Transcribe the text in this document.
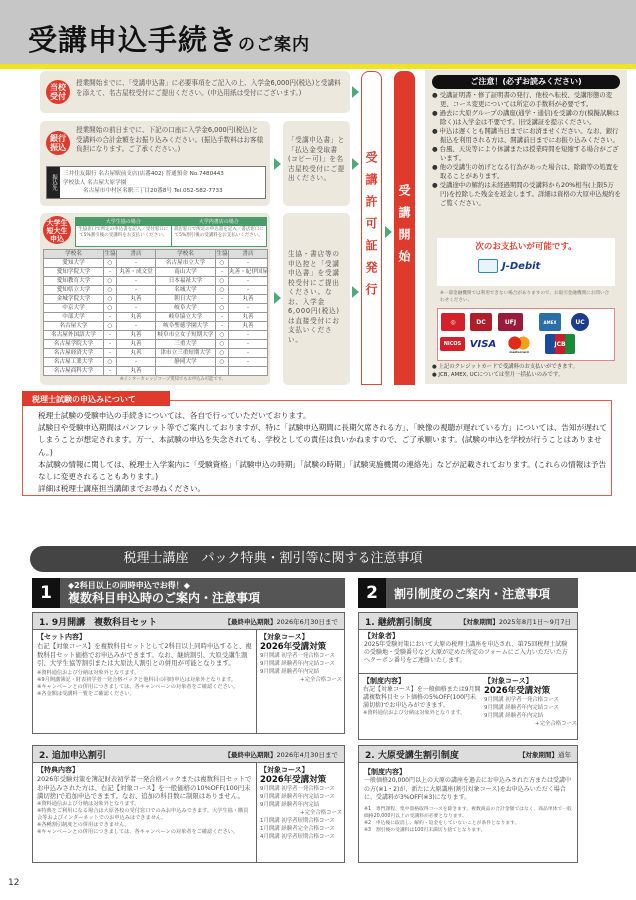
受講申込手続きのご案内
当校
受付
授業開始までに、「受講申込書」に必要事項をご記入の上、入学金6,000円(税込)と受講料を添えて、名古屋校受付にご提出ください。(申込用紙は受付にございます。)
銀行
振込
授業開始の前日までに、下記の口座に入学金6,000円(税込)と受講料の合計金額をお振り込みください。(振込手数料はお客様負担になります。ご了承ください。)
振込先
三井住友銀行 名古屋駅前支店(店番402) 普通預金 No.7480443
学校法人 名古屋大原学園
名古屋市中村区名駅三丁目20番8号 Tel.052-582-7733
「受講申込書」と「払込金受取書(コピー可)」を名古屋校受付にご提出ください。
大学生
短大生
申込
大学生協の場合
生協窓口で所定の申込書を記入／受付窓口にて5%割引後の受講料をお支払いください。
大学内書店の場合
書店窓口で所定の申込書を記入／書店窓口にて5%割引後の受講料をお支払いください。
学校名	生協	書店	学校名	生協	書店
愛知大学	○	-	名古屋市立大学	○	-
愛知学院大学	-	丸善・成文堂	南山大学	-	丸善・紀伊国屋
愛知教育大学	○	-	日本福祉大学	○	-
愛知県立大学	○	-	名城大学	○	-
金城学院大学	○	丸善	朝日大学	-	丸善
中京大学	○	-	岐阜大学	○	-
中部大学	-	丸善	岐阜協立大学	-	丸善
名古屋大学	○	-	岐阜聖徳学園大学	-	丸善
名古屋外国語大学	-	丸善	岐阜市立女子短期大学	○	-
名古屋学院大学	-	丸善	三重大学	○	-
名古屋経済大学	-	丸善	津市立三重短期大学	○	-
名古屋工業大学	○	-	静岡大学	○	-
名古屋商科大学	-	丸善			
※インターカレッジコープ愛知でもお申込み可能です。
生協・書店等の申込控と「受講申込書」を受講校受付にご提出ください。なお、入学金6,000円(税込)は直接受付にお支払いください。
受講許可証発行	受講開始
ご注意！(必ずお読みください)
● 受講証明書・修了証明書の発行、他校へ転校、受講形態の変更、コース変更については所定の手数料が必要です。
● 過去に大原グループの講座(通学・通信)を受講の方(模擬試験は除く)は入学金は不要です。旧受講証を提示ください。
● 申込は遅くとも開講当日までにお済ませください。なお、銀行振込を利用される方は、開講前日までにお振り込みください。
● 台風、天災等により休講または授業時間を短縮する場合がございます。
● 他の受講生の妨げとなる行為があった場合は、除籍等の処置を取ることがあります。
● 受講途中の解約は未経過期間の受講料から20%相当(上限5万円)を控除した残金を返金します。詳細は資格の大原申込規約をご覧ください。
次のお支払いが可能です。
J-Debit
※一部金融機関では利用できない場合がありますので、お取引金融機関にお問い合わせください。
◎	DC	UFJ	AMEX	UC
NICOS VISA
mastercard
JCB
● 上記のクレジットカードで受講料のお支払いができます。
● JCB, AMEX, UCについては翌月一括払いのみです。
税理士試験の申込みについて

税理士試験の受験申込の手続きについては、各自で行っていただいております。

試験日や受験申込期間はパンフレット等でご案内しておりますが、特に「試験申込期間に長期欠席される方」、「映像の視聴が遅れている方」については、告知が遅れてしまうことが想定されます。万一、本試験の申込を失念されても、学校としての責任は負いかねますので、ご了承願います。(試験の申込を学校が行うことはありません。)

本試験の情報に関しては、税理士入学案内に「受験資格」「試験申込の時期」「試験の時期」「試験実施機関の連絡先」などが記載されております。(これらの情報は予告なしに変更されることもあります。)

詳細は税理士講座担当講師までお尋ねください。

税理士講座　パック特典・割引等に関する注意事項
1	◆2科目以上の同時申込でお得！◆
複数科目申込時のご案内・注意事項
1. 9月開講　複数科目セット	【最終申込期限】2026年6月30日まで
【セット内容】
右記【対象コース】を複数科目セットとして2科目以上同時申込すると、複数科目セット価格でお申込みができます。なお、継続割引、大原受講生割引、大学生協等割引または大原法人割引との併用が可能となります。
※資料通信および分納は対象外となります。
※9月開講簿記・財表初学者一発合格パックと他科目の同時申込は対象外となります。
※キャンペーンとの併用につきましては、各キャンペーンの対象者をご確認ください。
※各金額は受講料一覧をご確認ください。
【対象コース】
2026年受講対策
9月開講 初学者一発合格コース
9月開講 経験者年内完結コース
9月開講 経験者年内完結
+完全合格コース
2. 追加申込割引	【最終申込期限】2026年4月30日まで
【特典内容】
2026年受験対策を簿記財表初学者一発合格パックまたは複数科目セットでお申込みされた方は、右記【対象コース】を一般価格の10%OFF(100円未満切捨)で追加申込できます。なお、追加の科目数に制限はありません。
※資料通信および分納は対象外となります。
※特典をご利用になる場合は大原各校の受付窓口でのみお申込みできます。大学生協・購買会等およびインターネットでのお申込みはできません。
※各種割引制度との併用はできません。
※キャンペーンとの併用につきましては、各キャンペーンの対象者をご確認ください。
【対象コース】
2026年受講対策
9月開講 初学者一発合格コース
9月開講 経験者年内完結コース
9月開講 経験者年内完結
+完全合格コース
1月開講 初学者短期合格コース
1月開講 経験者完全合格コース
4月開講 初学者短期合格コース
2	割引制度のご案内・注意事項
1. 継続割引制度	【対象期間】2025年8月1日～9月7日
【対象者】
2025年受験対策において大原の税理士講座を申込され、第75回税理士試験の受験地・受験番号など大原が定めた所定のフォームにご入力いただいた方へクーポン番号をご連絡いたします。
【制度内容】
右記【対象コース】を一般価格または9月開講複数科目セット価格の5%OFF(100円未満切捨)でお申込みができます。
※資料通信および分納は対象外となります。
【対象コース】
2026年受講対策
9月開講 初学者一発合格コース
9月開講 経験者年内完結コース
9月開講 経験者年内完結
+完全合格コース
2. 大原受講生割引制度	【対象期間】通年
【制度内容】
一般価格20,000円以上の大原の講座を過去にお申込みされた方または受講中の方(※1・2)が、新たに大原講座(割引対象コース)をお申込みいただく場合に、受講料が3%OFF(※3)になります。
※1　専門課程、集中資格取得コースを除きます。複数商品の合計金額ではなく、商品単体で一般価格20,000円以上の受講料が必要となります。
※2　申込後に取消し、解約・返金をしていないことが条件となります。
※3　割引後の受講料は100円未満切り捨てとなります。
12
